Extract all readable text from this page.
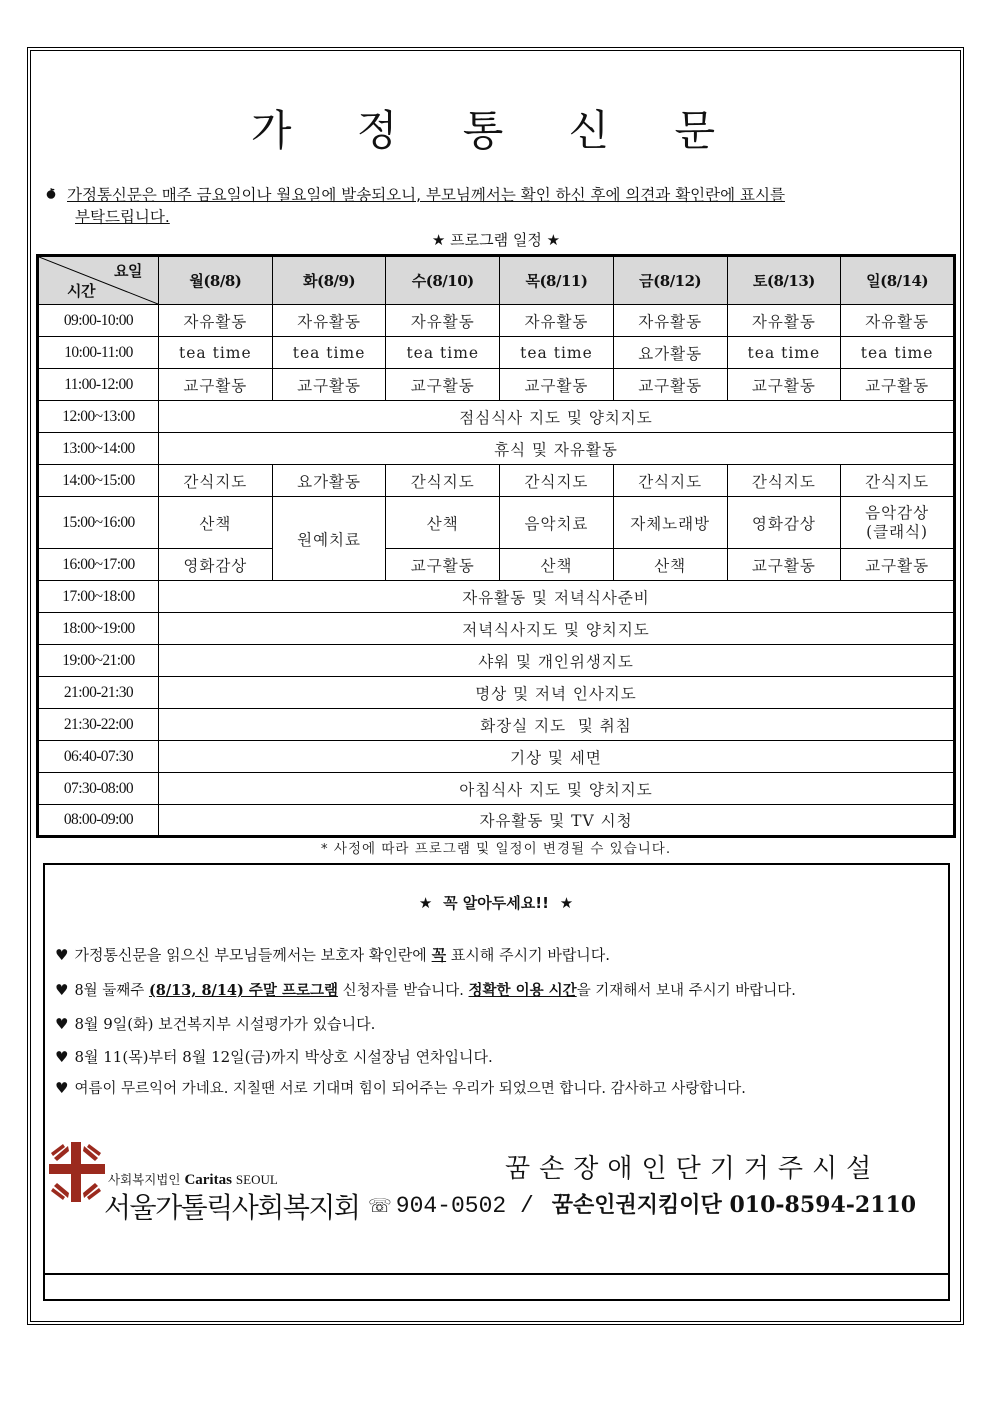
가 정 통 신 문
가정통신문은 매주 금요일이나 월요일에 발송되오니, 부모님께서는 확인 하신 후에 의견과 확인란에 표시를
부탁드립니다.
★ 프로그램 일정 ★
요일
시간	월(8/8)	화(8/9)	수(8/10)	목(8/11)	금(8/12)	토(8/13)	일(8/14)
09:00-10:00	자유활동	자유활동	자유활동	자유활동	자유활동	자유활동	자유활동
10:00-11:00	tea time	tea time	tea time	tea time	요가활동	tea time	tea time
11:00-12:00	교구활동	교구활동	교구활동	교구활동	교구활동	교구활동	교구활동
12:00~13:00	점심식사 지도 및 양치지도						
13:00~14:00	휴식 및 자유활동						
14:00~15:00	간식지도	요가활동	간식지도	간식지도	간식지도	간식지도	간식지도
15:00~16:00	산책	원예치료	산책	음악치료	자체노래방	영화감상	음악감상
(클래식)
16:00~17:00	영화감상		교구활동	산책	산책	교구활동	교구활동
17:00~18:00	자유활동 및 저녁식사준비						
18:00~19:00	저녁식사지도 및 양치지도						
19:00~21:00	샤워 및 개인위생지도						
21:00-21:30	명상 및 저녁 인사지도						
21:30-22:00	화장실 지도  및 취침						
06:40-07:30	기상 및 세면						
07:30-08:00	아침식사 지도 및 양치지도						
08:00-09:00	자유활동 및 TV 시청						
* 사정에 따라 프로그램 및 일정이 변경될 수 있습니다.
★ 꼭 알아두세요!! ★
♥ 가정통신문을 읽으신 부모님들께서는 보호자 확인란에 꼭 표시해 주시기 바랍니다.
♥ 8월 둘째주 (8/13, 8/14) 주말 프로그램 신청자를 받습니다. 정확한 이용 시간을 기재해서 보내 주시기 바랍니다.
♥ 8월 9일(화) 보건복지부 시설평가가 있습니다.
♥ 8월 11(목)부터 8월 12일(금)까지 박상호 시설장님 연차입니다.
♥ 여름이 무르익어 가네요. 지칠땐 서로 기대며 힘이 되어주는 우리가 되었으면 합니다. 감사하고 사랑합니다.
사회복지법인 Caritas SEOUL
서울가톨릭사회복지회
꿈손장애인단기거주시설
☏ 904-0502 / 꿈손인권지킴이단 010-8594-2110
